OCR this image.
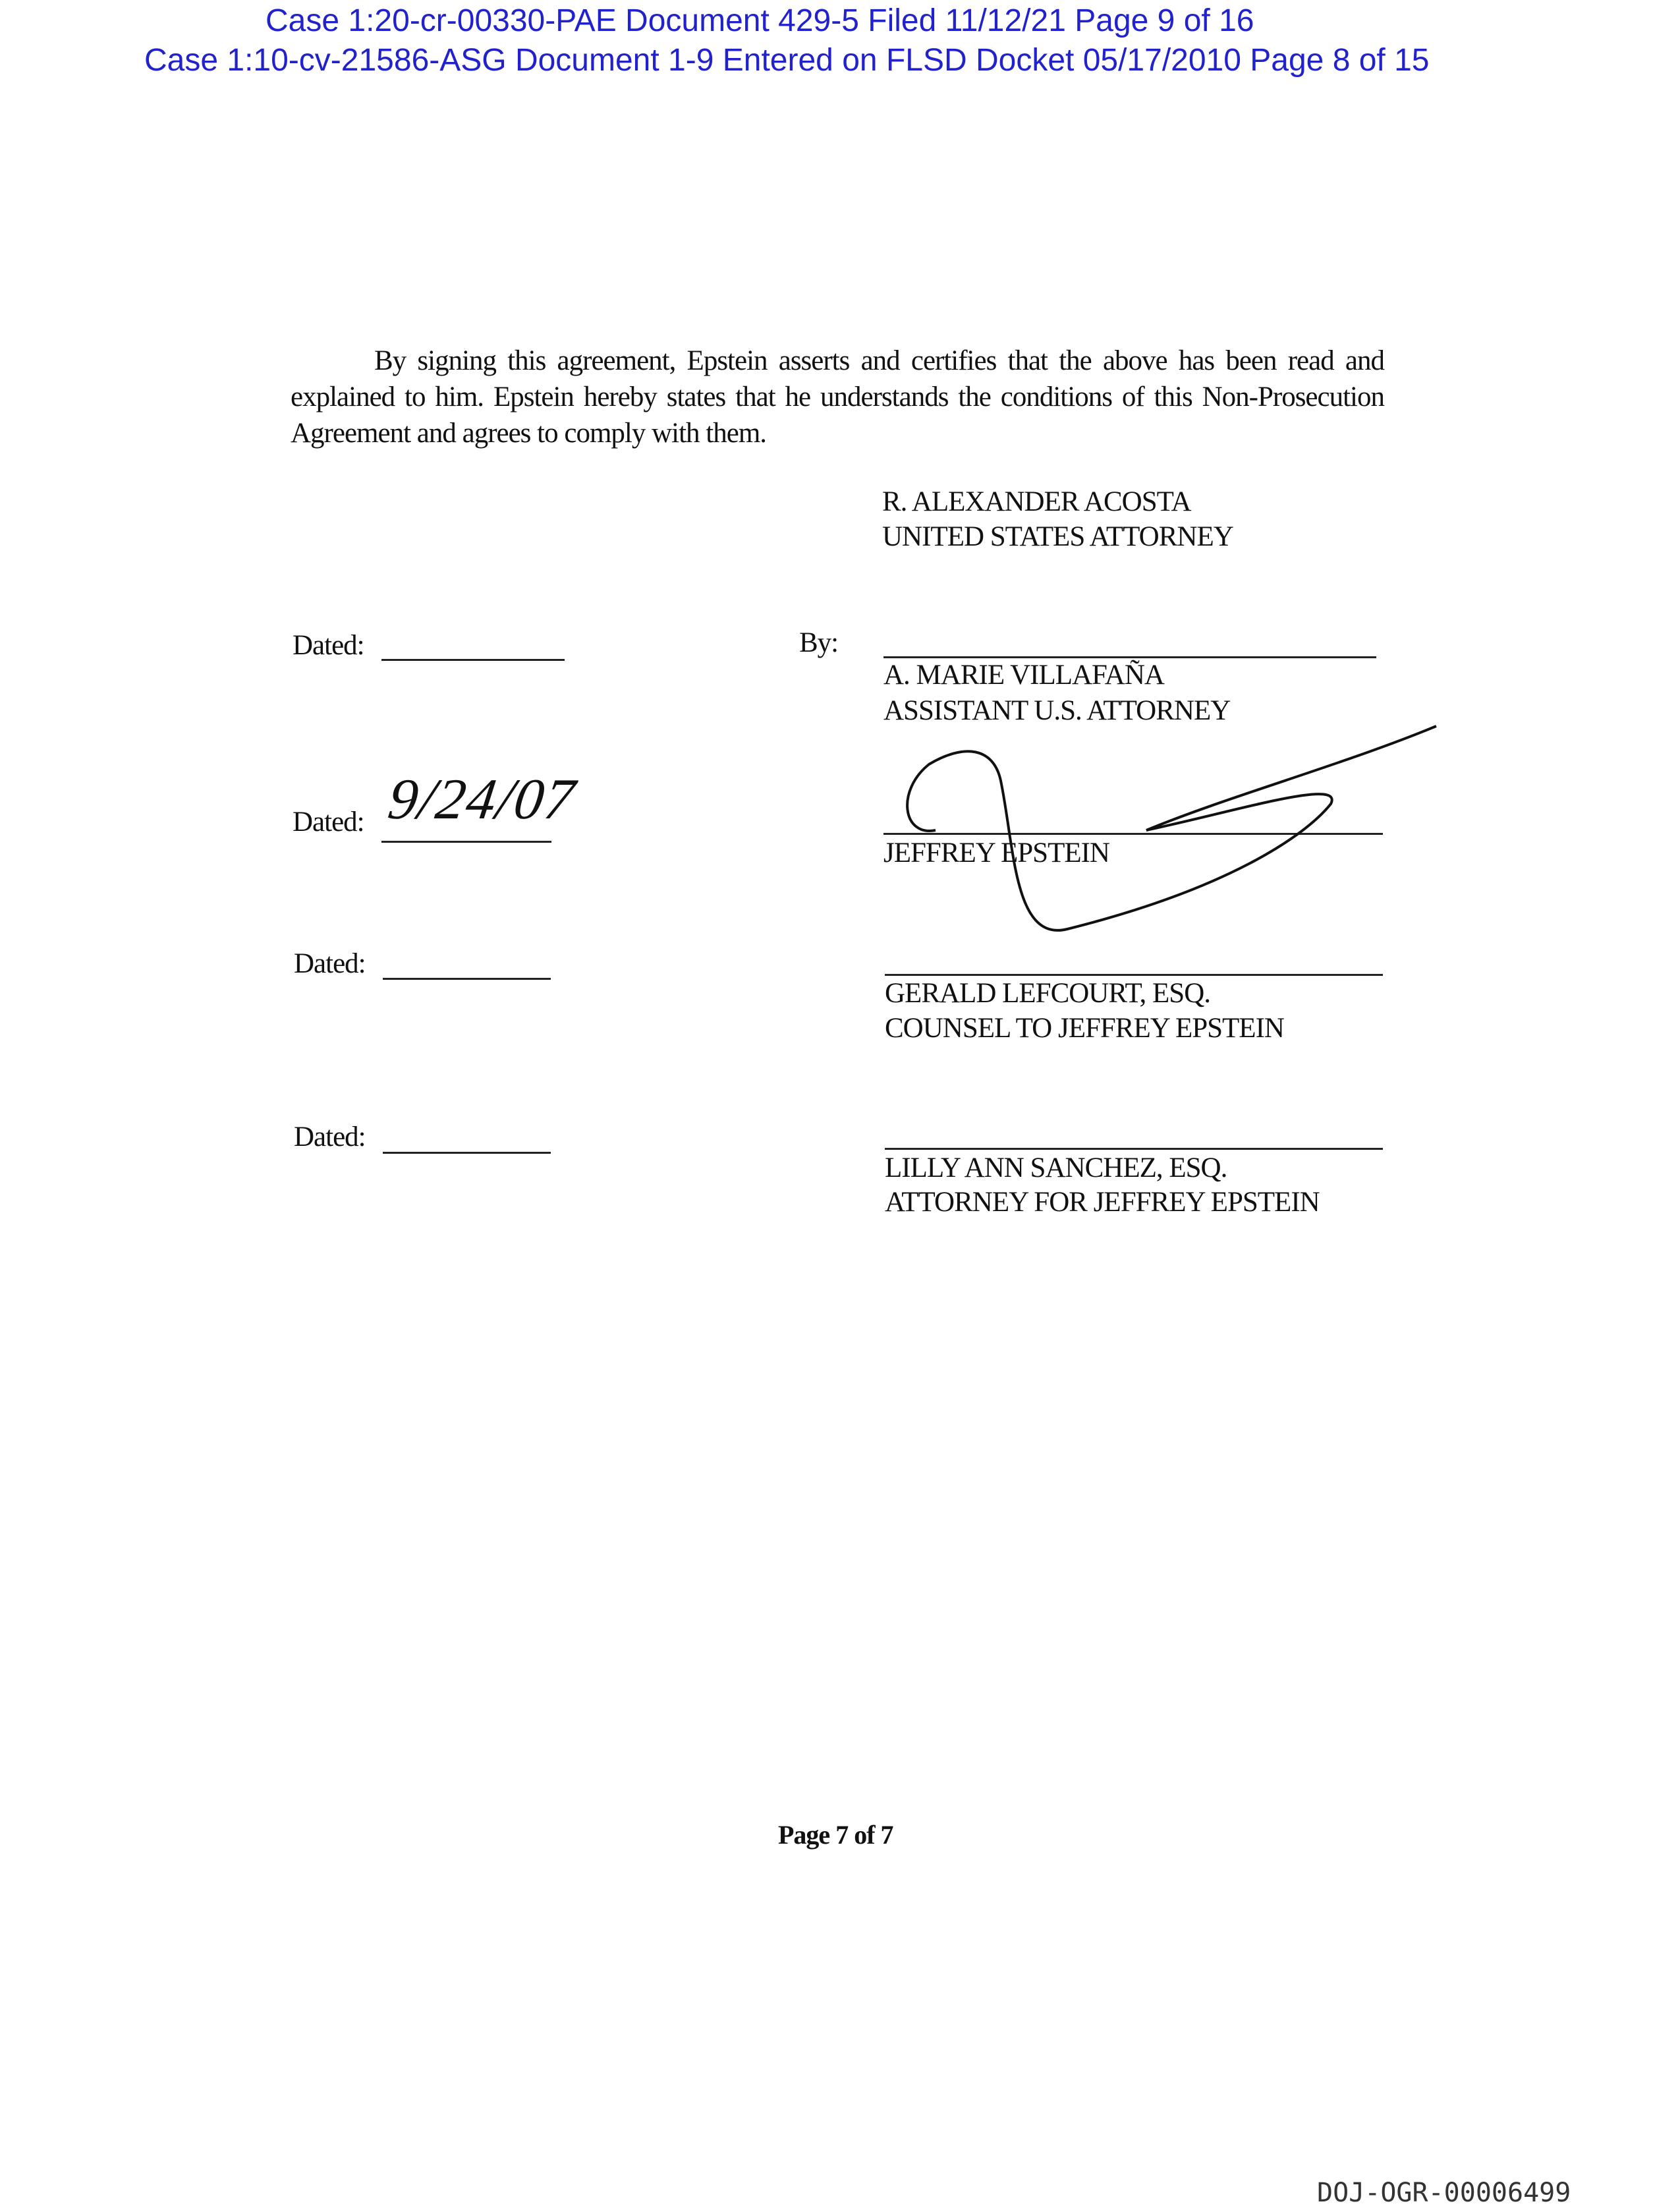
Case 1:20-cr-00330-PAE Document 429-5 Filed 11/12/21 Page 9 of 16
Case 1:10-cv-21586-ASG Document 1-9 Entered on FLSD Docket 05/17/2010 Page 8 of 15
By signing this agreement, Epstein asserts and certifies that the above has been read and explained to him. Epstein hereby states that he understands the conditions of this Non-Prosecution Agreement and agrees to comply with them.
R. ALEXANDER ACOSTA
UNITED STATES ATTORNEY
Dated:	By:
A. MARIE VILLAFAÑA
ASSISTANT U.S. ATTORNEY
Dated: 9/24/07
JEFFREY EPSTEIN
Dated:
GERALD LEFCOURT, ESQ.
COUNSEL TO JEFFREY EPSTEIN
Dated:
LILLY ANN SANCHEZ, ESQ.
ATTORNEY FOR JEFFREY EPSTEIN
Page 7 of 7
DOJ-OGR-00006499
